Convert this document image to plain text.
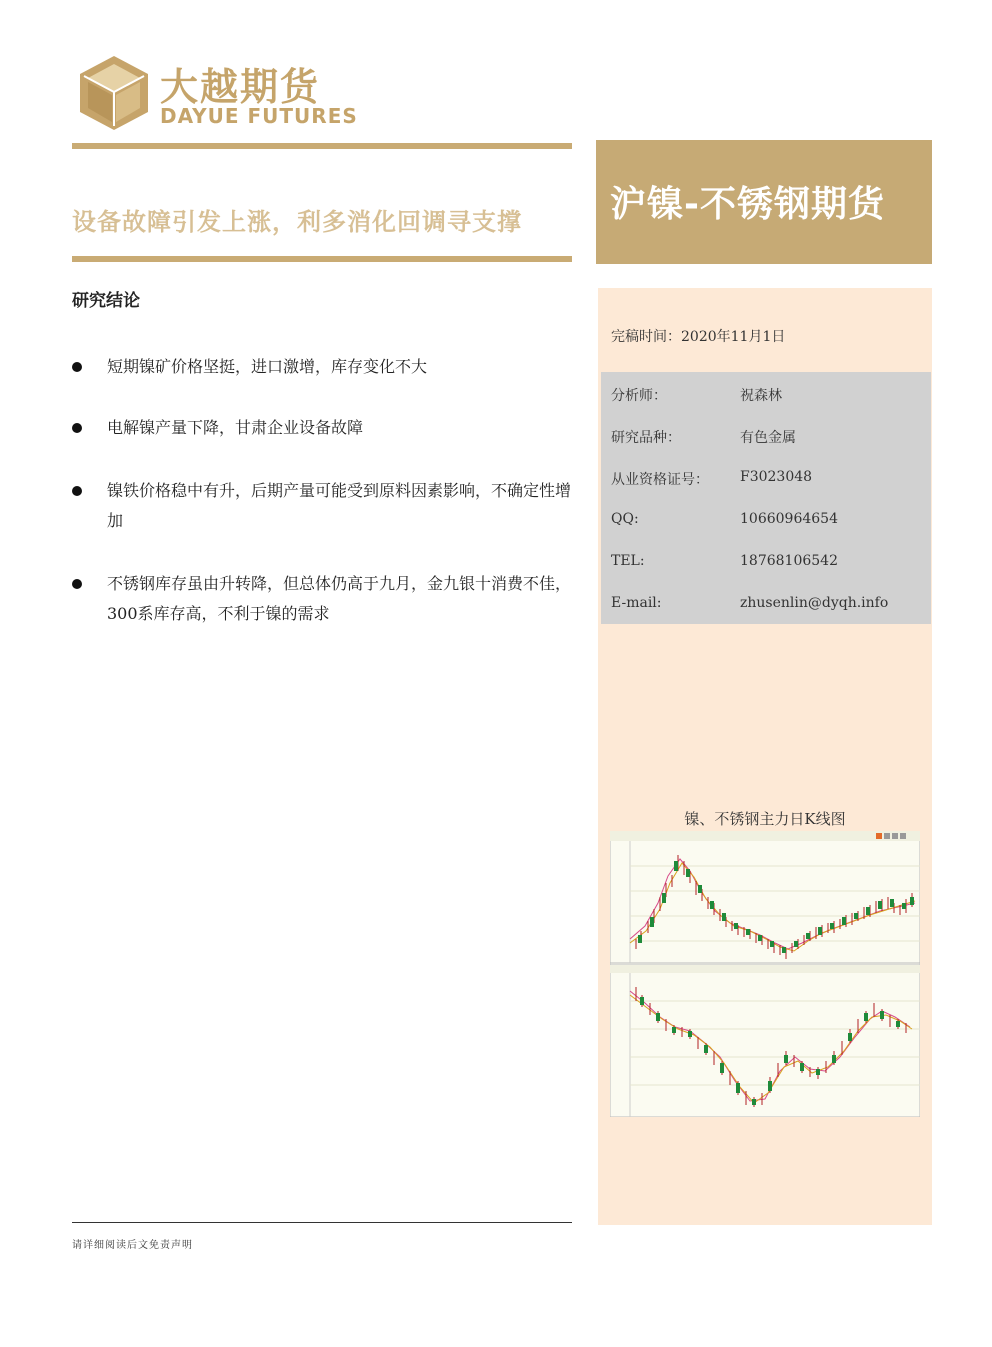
大越期货
DAYUE FUTURES
设备故障引发上涨，利多消化回调寻支撑 沪镍-不锈钢期货
研究结论
短期镍矿价格坚挺，进口激增，库存变化不大
电解镍产量下降，甘肃企业设备故障
镍铁价格稳中有升，后期产量可能受到原料因素影响，不确定性增加
不锈钢库存虽由升转降，但总体仍高于九月，金九银十消费不佳，300系库存高，不利于镍的需求
完稿时间：2020年11月1日
分析师：	祝森林
研究品种：	有色金属
从业资格证号： F3023048
QQ:	10660964654
TEL:	18768106542
E-mail:	zhusenlin@dyqh.info
镍、不锈钢主力日K线图
请详细阅读后文免责声明
